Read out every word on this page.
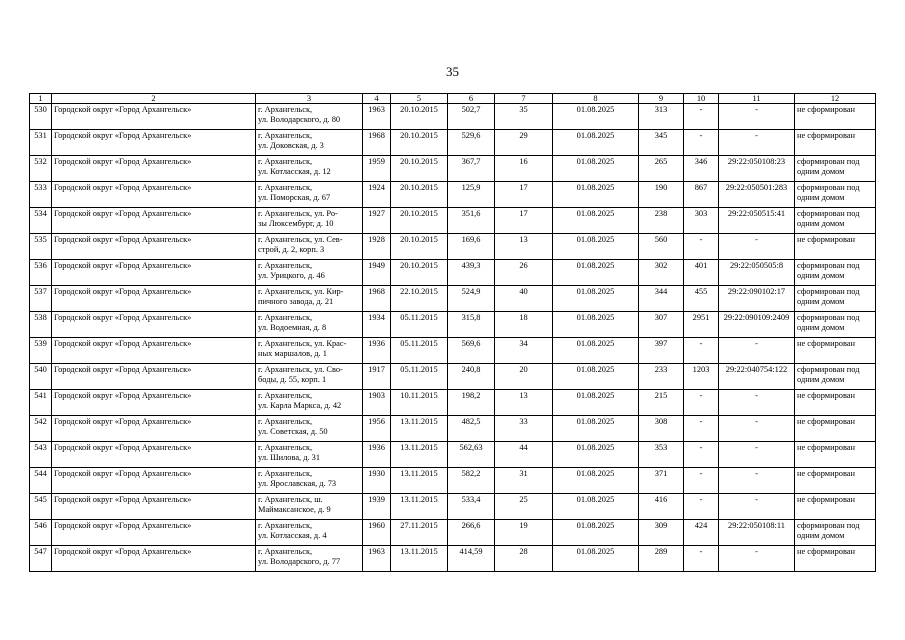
35
1	2	3	4	5	6	7	8	9	10	11	12
530	Городской округ «Город Архангельск»	г. Архангельск,
ул. Володарского, д. 80	1963	20.10.2015	502,7	35	01.08.2025	313	-	-	не сформирован
531	Городской округ «Город Архангельск»	г. Архангельск,
ул. Доковская, д. 3	1968	20.10.2015	529,6	29	01.08.2025	345	-	-	не сформирован
532	Городской округ «Город Архангельск»	г. Архангельск,
ул. Котласская, д. 12	1959	20.10.2015	367,7	16	01.08.2025	265	346	29:22:050108:23	сформирован под
одним домом
533	Городской округ «Город Архангельск»	г. Архангельск,
ул. Поморская, д. 67	1924	20.10.2015	125,9	17	01.08.2025	190	867	29:22:050501:283	сформирован под
одним домом
534	Городской округ «Город Архангельск»	г. Архангельск, ул. Ро-
зы Люксембург, д. 10	1927	20.10.2015	351,6	17	01.08.2025	238	303	29:22:050515:41	сформирован под
одним домом
535	Городской округ «Город Архангельск»	г. Архангельск, ул. Сев-
строй, д. 2, корп. 3	1928	20.10.2015	169,6	13	01.08.2025	560	-	-	не сформирован
536	Городской округ «Город Архангельск»	г. Архангельск,
ул. Урицкого, д. 46	1949	20.10.2015	439,3	26	01.08.2025	302	401	29:22:050505:8	сформирован под
одним домом
537	Городской округ «Город Архангельск»	г. Архангельск, ул. Кир-
пичного завода, д. 21	1968	22.10.2015	524,9	40	01.08.2025	344	455	29:22:090102:17	сформирован под
одним домом
538	Городской округ «Город Архангельск»	г. Архангельск,
ул. Водоемная, д. 8	1934	05.11.2015	315,8	18	01.08.2025	307	2951	29:22:090109:2409	сформирован под
одним домом
539	Городской округ «Город Архангельск»	г. Архангельск, ул. Крас-
ных маршалов, д. 1	1936	05.11.2015	569,6	34	01.08.2025	397	-	-	не сформирован
540	Городской округ «Город Архангельск»	г. Архангельск, ул. Сво-
боды, д. 55, корп. 1	1917	05.11.2015	240,8	20	01.08.2025	233	1203	29:22:040754:122	сформирован под
одним домом
541	Городской округ «Город Архангельск»	г. Архангельск,
ул. Карла Маркса, д. 42	1903	10.11.2015	198,2	13	01.08.2025	215	-	-	не сформирован
542	Городской округ «Город Архангельск»	г. Архангельск,
ул. Советская, д. 50	1956	13.11.2015	482,5	33	01.08.2025	308	-	-	не сформирован
543	Городской округ «Город Архангельск»	г. Архангельск,
ул. Шилова, д. 31	1936	13.11.2015	562,63	44	01.08.2025	353	-	-	не сформирован
544	Городской округ «Город Архангельск»	г. Архангельск,
ул. Ярославская, д. 73	1930	13.11.2015	582,2	31	01.08.2025	371	-	-	не сформирован
545	Городской округ «Город Архангельск»	г. Архангельск, ш.
Маймаксанское, д. 9	1939	13.11.2015	533,4	25	01.08.2025	416	-	-	не сформирован
546	Городской округ «Город Архангельск»	г. Архангельск,
ул. Котласская, д. 4	1960	27.11.2015	266,6	19	01.08.2025	309	424	29:22:050108:11	сформирован под
одним домом
547	Городской округ «Город Архангельск»	г. Архангельск,
ул. Володарского, д. 77	1963	13.11.2015	414,59	28	01.08.2025	289	-	-	не сформирован
